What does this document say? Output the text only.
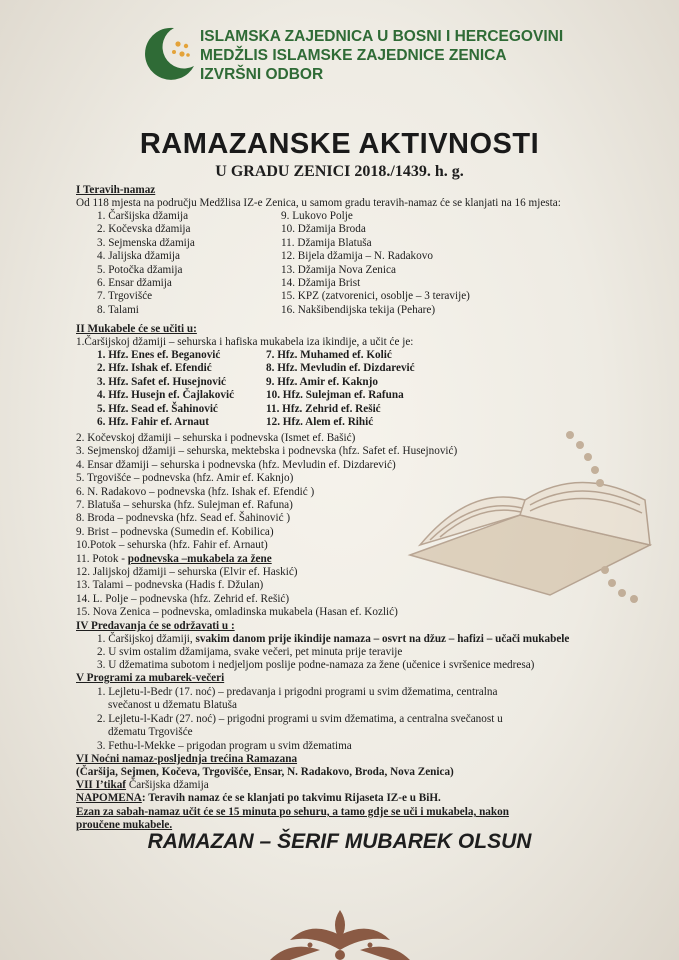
ISLAMSKA ZAJEDNICA U BOSNI I HERCEGOVINI
MEDŽLIS ISLAMSKE ZAJEDNICE ZENICA
IZVRŠNI ODBOR
RAMAZANSKE AKTIVNOSTI
U GRADU ZENICI 2018./1439. h. g.
I Teravih-namaz
Od 118 mjesta na području Medžlisa IZ-e Zenica, u samom gradu teravih-namaz će se klanjati na 16 mjesta:
1. Čaršijska džamija
2. Kočevska džamija
3. Sejmenska džamija
4. Jalijska džamija
5. Potočka džamija
6. Ensar džamija
7. Trgovišće
8. Talami
9. Lukovo Polje
10. Džamija Broda
11. Džamija Blatuša
12. Bijela džamija – N. Radakovo
13. Džamija Nova Zenica
14. Džamija Brist
15. KPZ (zatvorenici, osoblje – 3 teravije)
16. Nakšibendijska tekija (Pehare)
II Mukabele će se učiti u:
1.Čaršijskoj džamiji – sehurska i hafiska mukabela iza ikindije, a učit će je:
1. Hfz. Enes ef. Beganović
2. Hfz. Ishak ef. Efendić
3. Hfz. Safet ef. Husejnović
4. Hfz. Husejn ef. Čajlaković
5. Hfz. Sead ef. Šahinović
6. Hfz. Fahir ef. Arnaut
7. Hfz. Muhamed ef. Kolić
8. Hfz. Mevludin ef. Dizdarević
9. Hfz. Amir ef. Kaknjo
10. Hfz. Sulejman ef. Rafuna
11. Hfz. Zehrid ef. Rešić
12. Hfz. Alem ef. Rihić
2. Kočevskoj džamiji – sehurska i podnevska (Ismet ef. Bašić)
3. Sejmenskoj džamiji – sehurska, mektebska i podnevska (hfz. Safet ef. Husejnović)
4. Ensar džamiji – sehurska i podnevska (hfz. Mevludin ef. Dizdarević)
5. Trgovišće – podnevska (hfz. Amir ef. Kaknjo)
6. N. Radakovo – podnevska (hfz. Ishak ef. Efendić )
7. Blatuša – sehurska (hfz. Sulejman ef. Rafuna)
8. Broda – podnevska (hfz. Sead ef. Šahinović )
9. Brist – podnevska (Sumedin ef. Kobilica)
10.Potok – sehurska (hfz. Fahir ef. Arnaut)
11. Potok - podnevska –mukabela za žene
12. Jalijskoj džamiji – sehurska (Elvir ef. Haskić)
13. Talami – podnevska (Hadis f. Džulan)
14. L. Polje – podnevska (hfz. Zehrid ef. Rešić)
15. Nova Zenica – podnevska, omladinska mukabela (Hasan ef. Kozlić)
IV Predavanja će se održavati u :
1. Čaršijskoj džamiji, svakim danom prije ikindije namaza – osvrt na džuz – hafizi – učači mukabele
2. U svim ostalim džamijama, svake večeri, pet minuta prije teravije
3. U džematima subotom i nedjeljom poslije podne-namaza za žene (učenice i svršenice medresa)
V Programi za mubarek-večeri
1. Lejletu-l-Bedr (17. noć) – predavanja i prigodni programi u svim džematima, centralna
svečanost u džematu Blatuša
2. Lejletu-l-Kadr (27. noć) – prigodni programi u svim džematima, a centralna svečanost u
džematu Trgovišće
3. Fethu-l-Mekke – prigodan program u svim džematima
VI Noćni namaz-posljednja trećina Ramazana
(Čaršija, Sejmen, Kočeva, Trgovišće, Ensar, N. Radakovo, Broda, Nova Zenica)
VII I’tikaf Čaršijska džamija
NAPOMENA: Teravih namaz će se klanjati po takvimu Rijaseta IZ-e u BiH.
Ezan za sabah-namaz učit će se 15 minuta po sehuru, a tamo gdje se uči i mukabela, nakon
proučene mukabele.
RAMAZAN – ŠERIF MUBAREK OLSUN
